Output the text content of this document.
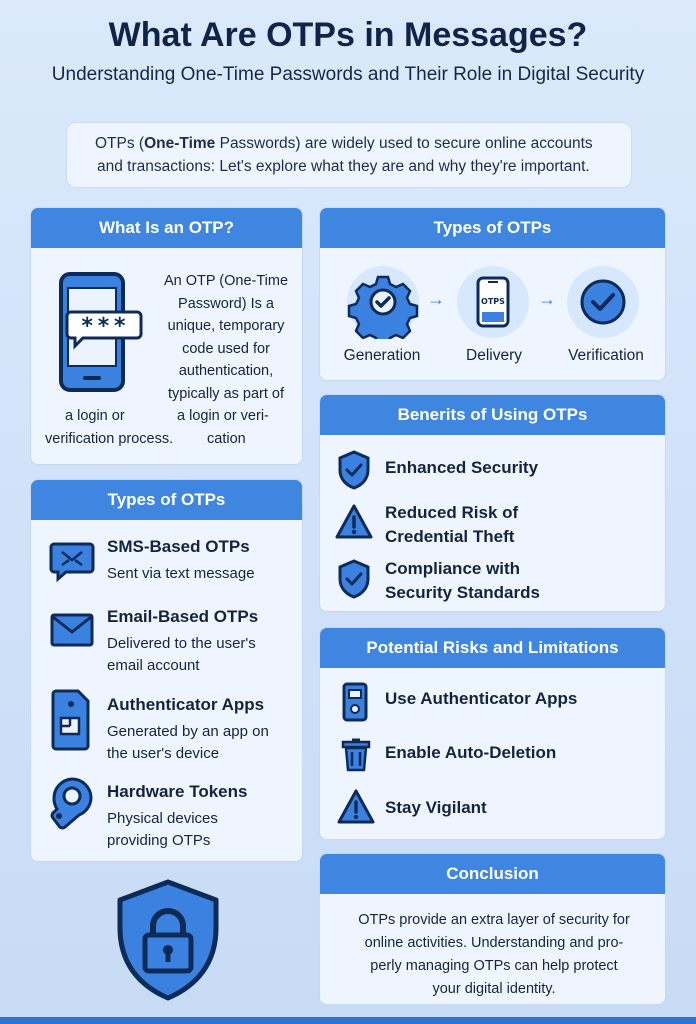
What Are OTPs in Messages?
Understanding One-Time Passwords and Their Role in Digital Security
OTPs (One-Time Passwords) are widely used to secure online accounts
and transactions: Let's explore what they are and why they're important.
What Is an OTP?
***
An OTP (One-Time
Password) Is a
unique, temporary
code used for
authentication,
typically as part of
a login or
verification process.
a login or veri-
cation
Types of OTPs
→	OTPS →
Generation	Delivery	Verification
Types of OTPs
SMS-Based OTPs
Sent via text message
Email-Based OTPs
Delivered to the user's
email account
Authenticator Apps
Generated by an app on
the user's device
Hardware Tokens
Physical devices
providing OTPs
Benerits of Using OTPs
Enhanced Security
Reduced Risk of
Credential Theft
Compliance with
Security Standards
Potential Risks and Limitations
Use Authenticator Apps
Enable Auto-Deletion
Stay Vigilant
Conclusion
OTPs provide an extra layer of security for
online activities. Understanding and pro-
perly managing OTPs can help protect
your digital identity.
